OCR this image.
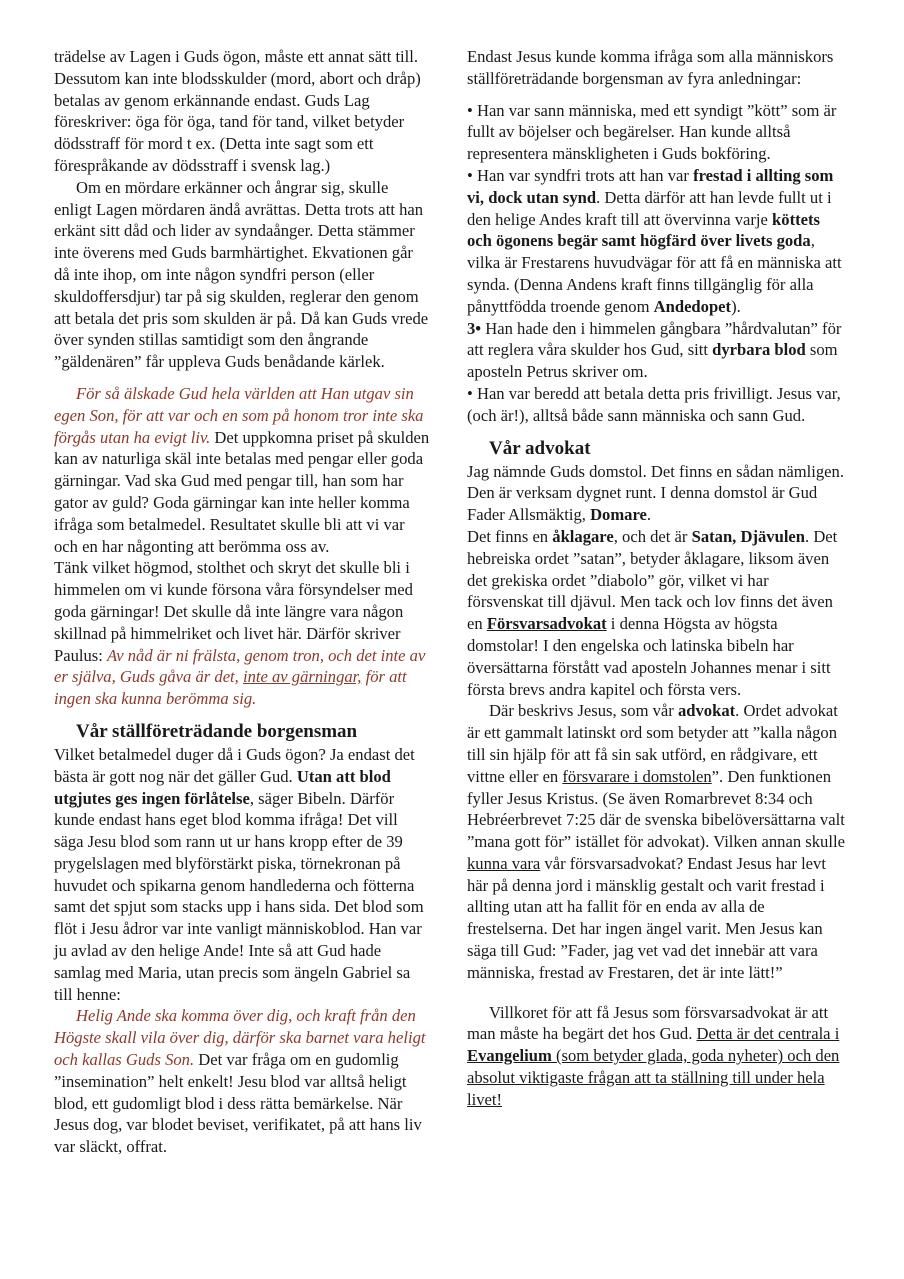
trädelse av Lagen i Guds ögon, måste ett annat sätt till. Dessutom kan inte blodsskulder (mord, abort och dråp) betalas av genom erkännande endast. Guds Lag föreskriver: öga för öga, tand för tand, vilket betyder dödsstraff för mord t ex. (Detta inte sagt som ett förespråkande av dödsstraff i svensk lag.)

Om en mördare erkänner och ångrar sig, skulle enligt Lagen mördaren ändå avrättas. Detta trots att han erkänt sitt dåd och lider av syndaånger. Detta stämmer inte överens med Guds barmhärtighet. Ekvationen går då inte ihop, om inte någon syndfri person (eller skuldoffersdjur) tar på sig skulden, reglerar den genom att betala det pris som skulden är på. Då kan Guds vrede över synden stillas samtidigt som den ångrande ”gäldenären” får uppleva Guds benådande kärlek.

För så älskade Gud hela världen att Han utgav sin egen Son, för att var och en som på honom tror inte ska förgås utan ha evigt liv. Det uppkomna priset på skulden kan av naturliga skäl inte betalas med pengar eller goda gärningar. Vad ska Gud med pengar till, han som har gator av guld? Goda gärningar kan inte heller komma ifråga som betalmedel. Resultatet skulle bli att vi var och en har någonting att berömma oss av.

Tänk vilket högmod, stolthet och skryt det skulle bli i himmelen om vi kunde försona våra försyndelser med goda gärningar! Det skulle då inte längre vara någon skillnad på himmelriket och livet här. Därför skriver Paulus: Av nåd är ni frälsta, genom tron, och det inte av er själva, Guds gåva är det, inte av gärningar, för att ingen ska kunna berömma sig.

Vår ställföreträdande borgensman

Vilket betalmedel duger då i Guds ögon? Ja endast det bästa är gott nog när det gäller Gud. Utan att blod utgjutes ges ingen förlåtelse, säger Bibeln. Därför kunde endast hans eget blod komma ifråga! Det vill säga Jesu blod som rann ut ur hans kropp efter de 39 prygelslagen med blyförstärkt piska, törnekronan på huvudet och spikarna genom handlederna och fötterna samt det spjut som stacks upp i hans sida. Det blod som flöt i Jesu ådror var inte vanligt människoblod. Han var ju avlad av den helige Ande! Inte så att Gud hade samlag med Maria, utan precis som ängeln Gabriel sa till henne:

Helig Ande ska komma över dig, och kraft från den Högste skall vila över dig, därför ska barnet vara heligt och kallas Guds Son. Det var fråga om en gudomlig ”insemination” helt enkelt! Jesu blod var alltså heligt blod, ett gudomligt blod i dess rätta bemärkelse. När Jesus dog, var blodet beviset, verifikatet, på att hans liv var släckt, offrat.

Endast Jesus kunde komma ifråga som alla människors ställföreträdande borgensman av fyra anledningar:

• Han var sann människa, med ett syndigt ”kött” som är fullt av böjelser och begärelser. Han kunde alltså representera mänskligheten i Guds bokföring.

• Han var syndfri trots att han var frestad i allting som vi, dock utan synd. Detta därför att han levde fullt ut i den helige Andes kraft till att övervinna varje köttets och ögonens begär samt högfärd över livets goda, vilka är Frestarens huvudvägar för att få en människa att synda. (Denna Andens kraft finns tillgänglig för alla pånyttfödda troende genom Andedopet).

3• Han hade den i himmelen gångbara ”hårdvalutan” för att reglera våra skulder hos Gud, sitt dyrbara blod som aposteln Petrus skriver om.

• Han var beredd att betala detta pris frivilligt. Jesus var, (och är!), alltså både sann människa och sann Gud.

Vår advokat

Jag nämnde Guds domstol. Det finns en sådan nämligen. Den är verksam dygnet runt. I denna domstol är Gud Fader Allsmäktig, Domare.

Det finns en åklagare, och det är Satan, Djävulen. Det hebreiska ordet ”satan”, betyder åklagare, liksom även det grekiska ordet ”diabolo” gör, vilket vi har försvenskat till djävul. Men tack och lov finns det även en Försvarsadvokat i denna Högsta av högsta domstolar! I den engelska och latinska bibeln har översättarna förstått vad aposteln Johannes menar i sitt första brevs andra kapitel och första vers.

Där beskrivs Jesus, som vår advokat. Ordet advokat är ett gammalt latinskt ord som betyder att ”kalla någon till sin hjälp för att få sin sak utförd, en rådgivare, ett vittne eller en försvarare i domstolen”. Den funktionen fyller Jesus Kristus. (Se även Romarbrevet 8:34 och Hebréerbrevet 7:25 där de svenska bibelöversättarna valt ”mana gott för” istället för advokat). Vilken annan skulle kunna vara vår försvarsadvokat? Endast Jesus har levt här på denna jord i mänsklig gestalt och varit frestad i allting utan att ha fallit för en enda av alla de frestelserna. Det har ingen ängel varit. Men Jesus kan säga till Gud: ”Fader, jag vet vad det innebär att vara människa, frestad av Frestaren, det är inte lätt!”

Villkoret för att få Jesus som försvarsadvokat är att man måste ha begärt det hos Gud. Detta är det centrala i Evangelium (som betyder glada, goda nyheter) och den absolut viktigaste frågan att ta ställning till under hela livet!
